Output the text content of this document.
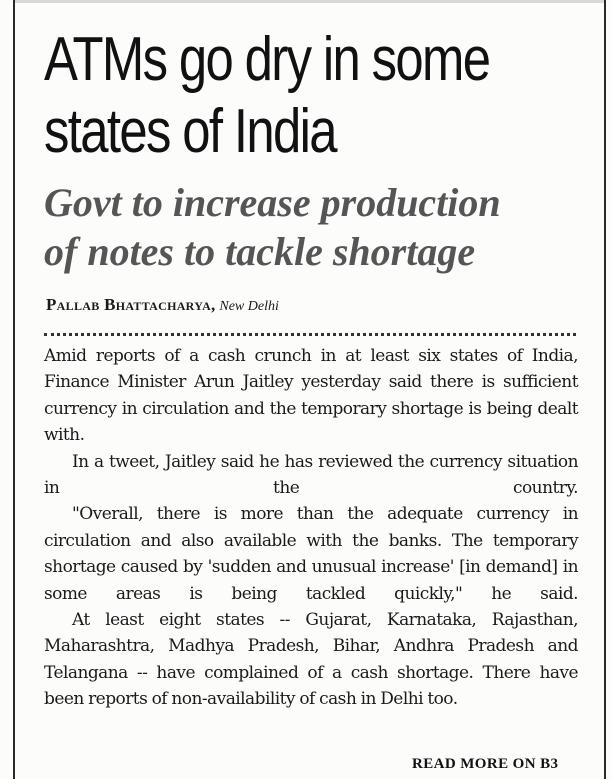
ATMs go dry in some
states of India
Govt to increase production
of notes to tackle shortage
Pallab Bhattacharya, New Delhi

Amid reports of a cash crunch in at least six states of India, Finance Minister Arun Jaitley yesterday said there is sufficient currency in circulation and the temporary shortage is being dealt with.

In a tweet, Jaitley said he has reviewed the currency situation in the country.

"Overall, there is more than the adequate currency in circulation and also available with the banks. The temporary shortage caused by 'sudden and unusual increase' [in demand] in some areas is being tackled quickly," he said.

At least eight states -- Gujarat, Karnataka, Rajasthan, Maharashtra, Madhya Pradesh, Bihar, Andhra Pradesh and Telangana -- have complained of a cash shortage. There have been reports of non-availability of cash in Delhi too.

READ MORE ON B3
